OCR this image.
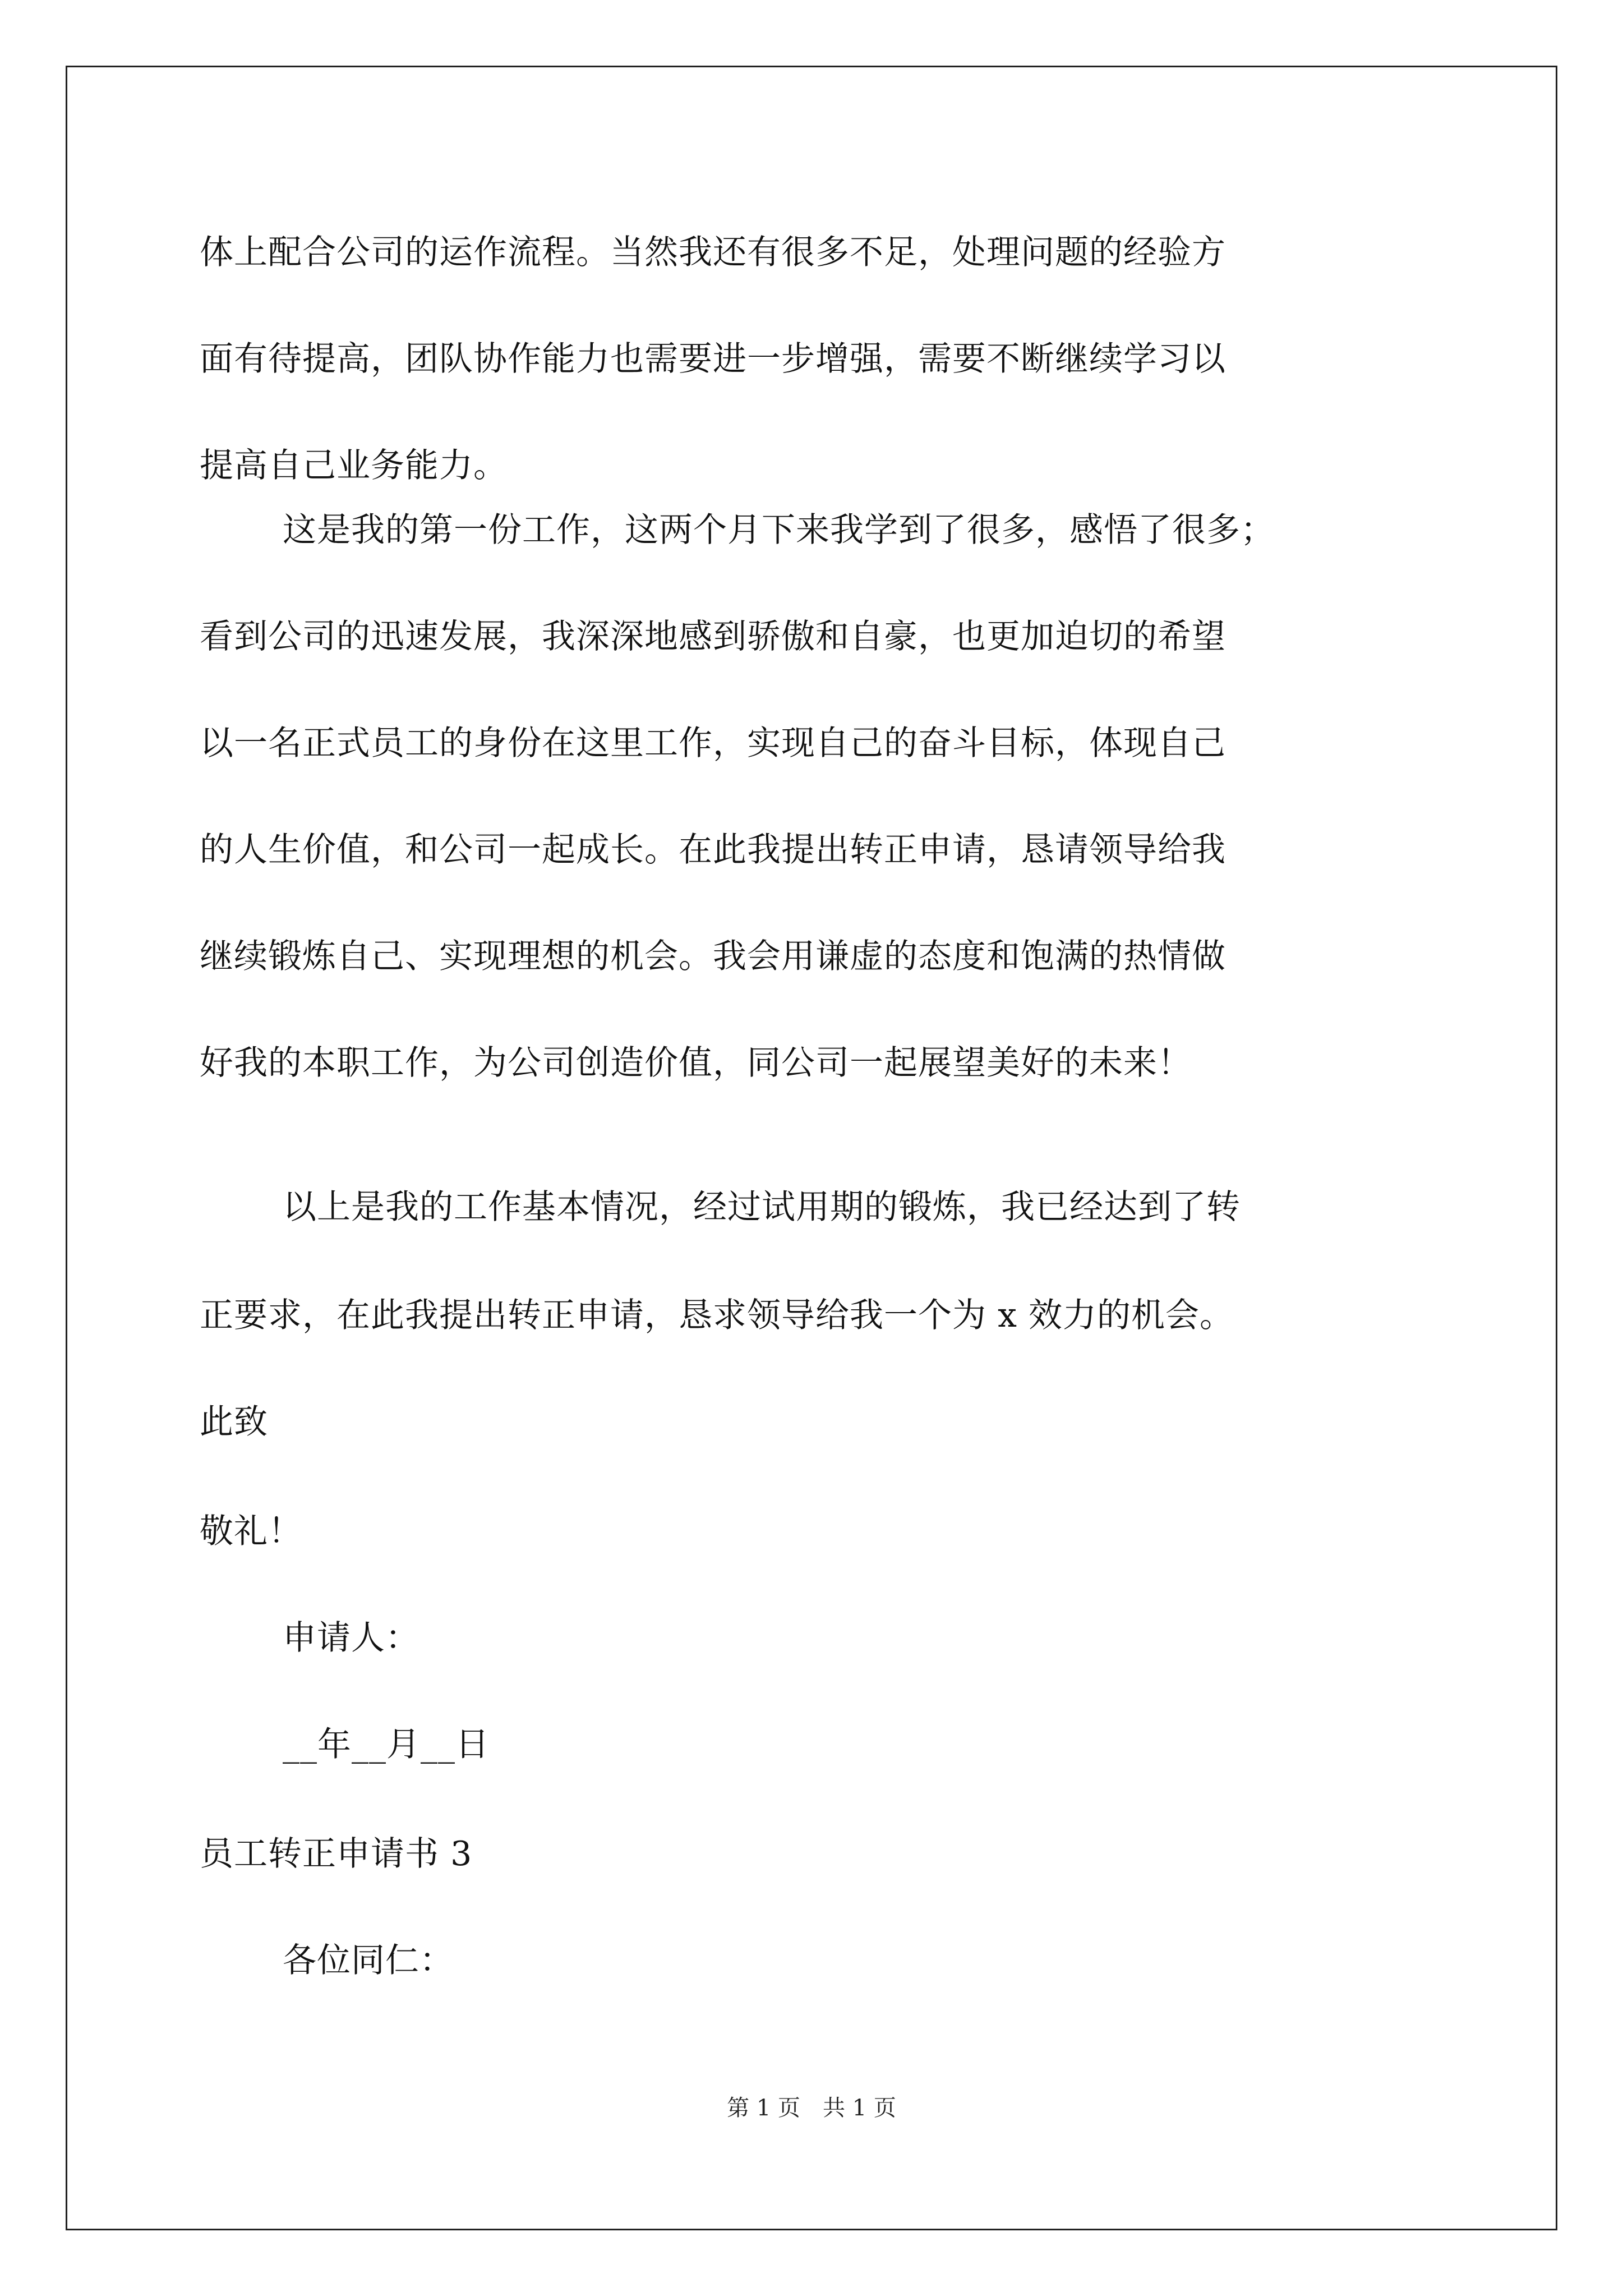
体上配合公司的运作流程。当然我还有很多不足，处理问题的经验方
面有待提高，团队协作能力也需要进一步增强，需要不断继续学习以
提高自己业务能力。
这是我的第一份工作，这两个月下来我学到了很多，感悟了很多；
看到公司的迅速发展，我深深地感到骄傲和自豪，也更加迫切的希望
以一名正式员工的身份在这里工作，实现自己的奋斗目标，体现自己
的人生价值，和公司一起成长。在此我提出转正申请，恳请领导给我
继续锻炼自己、实现理想的机会。我会用谦虚的态度和饱满的热情做
好我的本职工作，为公司创造价值，同公司一起展望美好的未来！
以上是我的工作基本情况，经过试用期的锻炼，我已经达到了转
正要求，在此我提出转正申请，恳求领导给我一个为 x 效力的机会。
此致
敬礼！
申请人：
__年__月__日
员工转正申请书 3
各位同仁：
第 1 页　共 1 页
